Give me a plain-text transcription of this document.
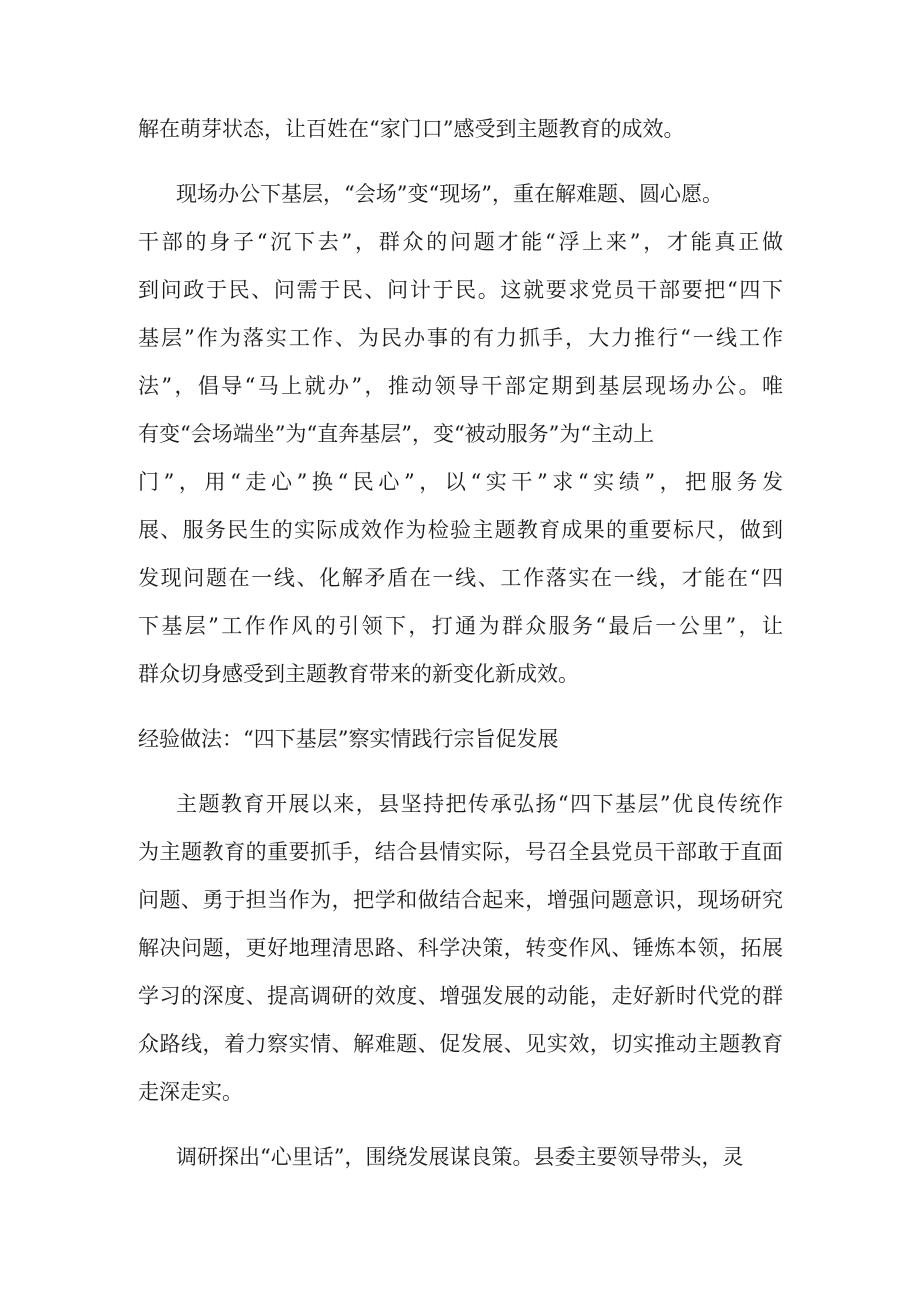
解在萌芽状态，让百姓在“家门口”感受到主题教育的成效。
现场办公下基层，“会场”变“现场”，重在解难题、圆心愿。
干部的身子“沉下去”，群众的问题才能“浮上来”，才能真正做
到问政于民、问需于民、问计于民。这就要求党员干部要把“四下
基层”作为落实工作、为民办事的有力抓手，大力推行“一线工作
法”，倡导“马上就办”，推动领导干部定期到基层现场办公。唯
有变“会场端坐”为“直奔基层”，变“被动服务”为“主动上
门”，用“走心”换“民心”，以“实干”求“实绩”，把服务发
展、服务民生的实际成效作为检验主题教育成果的重要标尺，做到
发现问题在一线、化解矛盾在一线、工作落实在一线，才能在“四
下基层”工作作风的引领下，打通为群众服务“最后一公里”，让
群众切身感受到主题教育带来的新变化新成效。
经验做法：“四下基层”察实情践行宗旨促发展
主题教育开展以来，县坚持把传承弘扬“四下基层”优良传统作
为主题教育的重要抓手，结合县情实际，号召全县党员干部敢于直面
问题、勇于担当作为，把学和做结合起来，增强问题意识，现场研究
解决问题，更好地理清思路、科学决策，转变作风、锤炼本领，拓展
学习的深度、提高调研的效度、增强发展的动能，走好新时代党的群
众路线，着力察实情、解难题、促发展、见实效，切实推动主题教育
走深走实。
调研探出“心里话”，围绕发展谋良策。县委主要领导带头，灵
